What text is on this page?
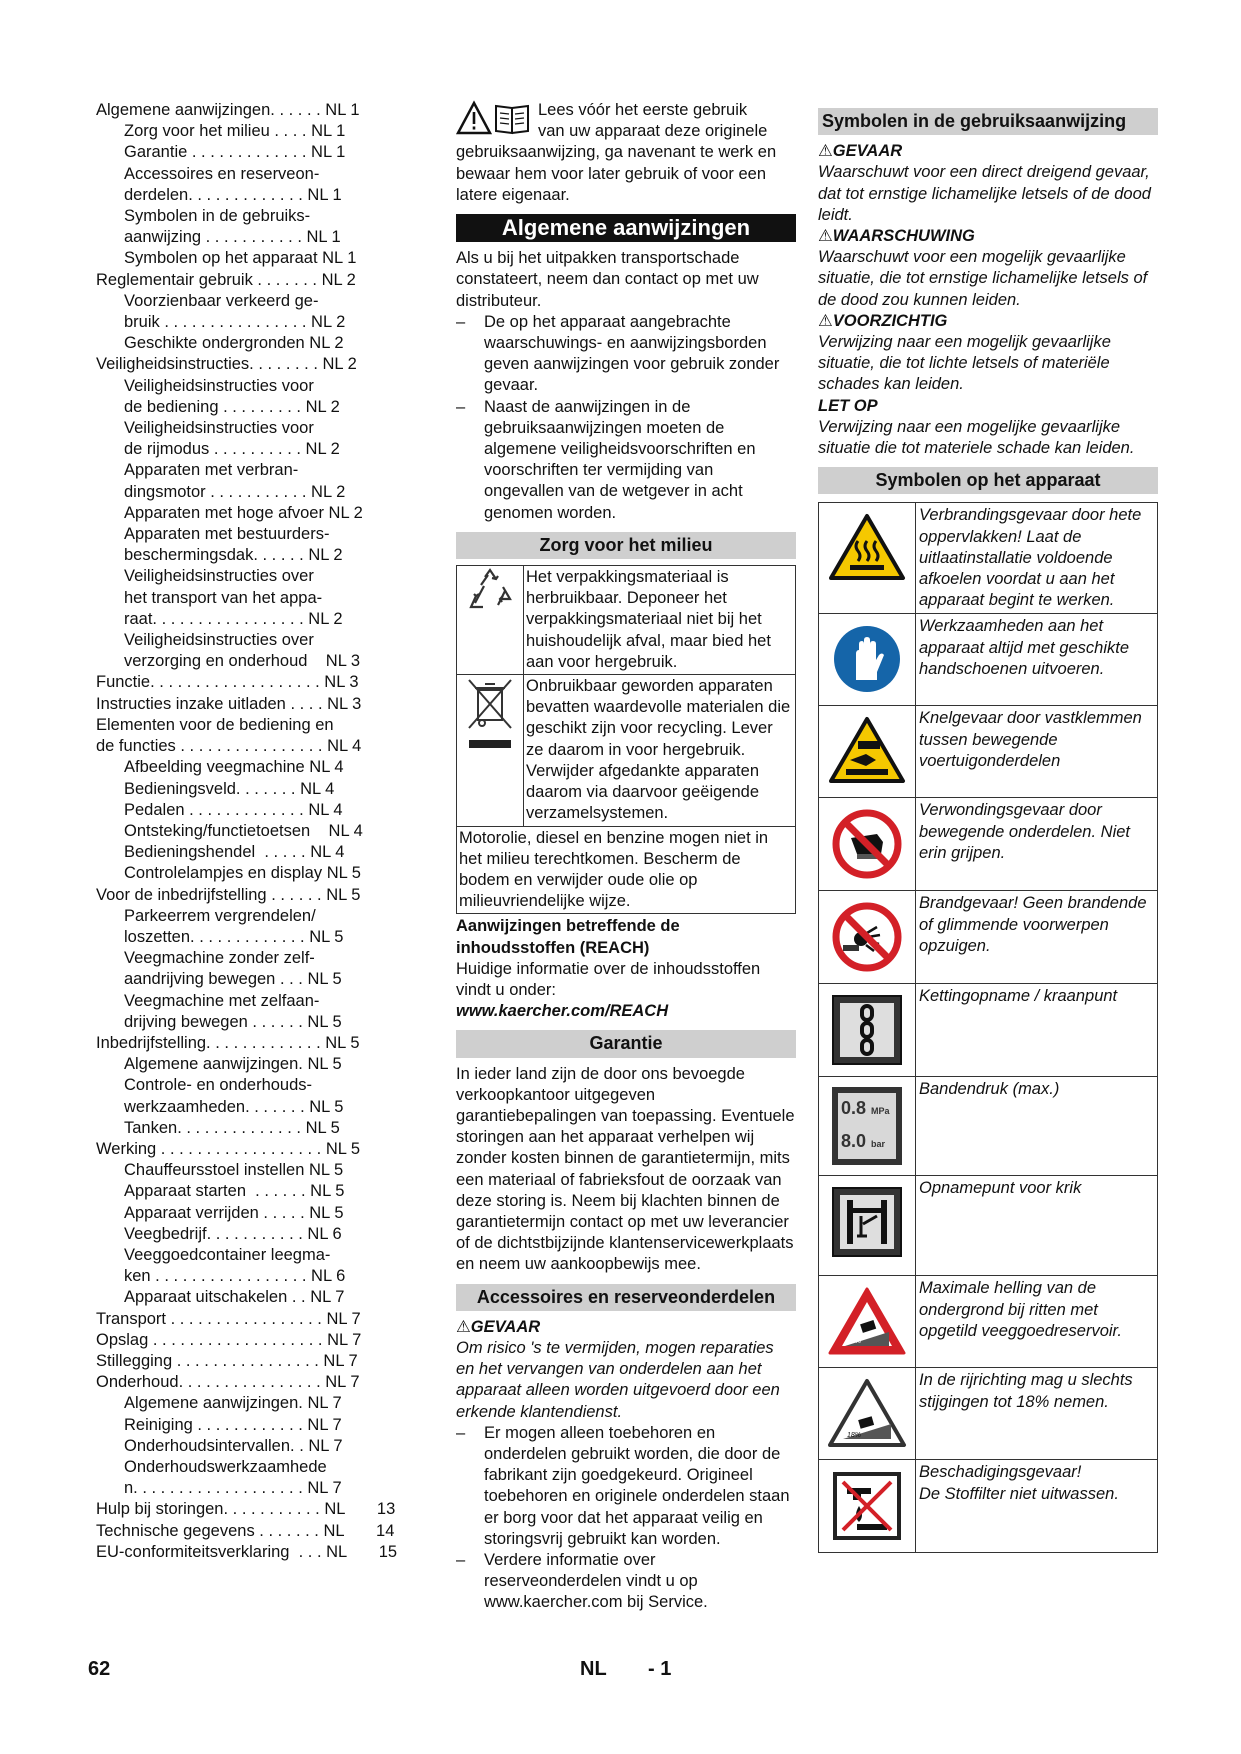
Algemene aanwijzingen. . . . . . NL 1
Zorg voor het milieu . . . . NL 1
Garantie . . . . . . . . . . . . . NL 1
Accessoires en reserveon-
derdelen. . . . . . . . . . . . . NL 1
Symbolen in de gebruiks-
aanwijzing . . . . . . . . . . . NL 1
Symbolen op het apparaat NL 1
Reglementair gebruik . . . . . . . NL 2
Voorzienbaar verkeerd ge-
bruik . . . . . . . . . . . . . . . . NL 2
Geschikte ondergronden NL 2
Veiligheidsinstructies. . . . . . . . NL 2
Veiligheidsinstructies voor
de bediening . . . . . . . . . NL 2
Veiligheidsinstructies voor
de rijmodus . . . . . . . . . . NL 2
Apparaten met verbran-
dingsmotor . . . . . . . . . . . NL 2
Apparaten met hoge afvoer NL 2
Apparaten met bestuurders-
beschermingsdak. . . . . . NL 2
Veiligheidsinstructies over
het transport van het appa-
raat. . . . . . . . . . . . . . . . . NL 2
Veiligheidsinstructies over
verzorging en onderhoud    NL 3
Functie. . . . . . . . . . . . . . . . . . . NL 3
Instructies inzake uitladen . . . . NL 3
Elementen voor de bediening en
de functies . . . . . . . . . . . . . . . . NL 4
Afbeelding veegmachine NL 4
Bedieningsveld. . . . . . . NL 4
Pedalen . . . . . . . . . . . . . NL 4
Ontsteking/functietoetsen    NL 4
Bedieningshendel  . . . . . NL 4
Controlelampjes en display NL 5
Voor de inbedrijfstelling . . . . . . NL 5
Parkeerrem vergrendelen/
loszetten. . . . . . . . . . . . . NL 5
Veegmachine zonder zelf-
aandrijving bewegen . . . NL 5
Veegmachine met zelfaan-
drijving bewegen . . . . . . NL 5
Inbedrijfstelling. . . . . . . . . . . . . NL 5
Algemene aanwijzingen. NL 5
Controle- en onderhouds-
werkzaamheden. . . . . . . NL 5
Tanken. . . . . . . . . . . . . . NL 5
Werking . . . . . . . . . . . . . . . . . . NL 5
Chauffeursstoel instellen NL 5
Apparaat starten  . . . . . . NL 5
Apparaat verrijden . . . . . NL 5
Veegbedrijf. . . . . . . . . . . NL 6
Veeggoedcontainer leegma-
ken . . . . . . . . . . . . . . . . . NL 6
Apparaat uitschakelen . . NL 7
Transport . . . . . . . . . . . . . . . . . NL 7
Opslag . . . . . . . . . . . . . . . . . . . NL 7
Stillegging . . . . . . . . . . . . . . . . NL 7
Onderhoud. . . . . . . . . . . . . . . . NL 7
Algemene aanwijzingen. NL 7
Reiniging . . . . . . . . . . . . NL 7
Onderhoudsintervallen. . NL 7
Onderhoudswerkzaamhede
n. . . . . . . . . . . . . . . . . . . NL 7
Hulp bij storingen. . . . . . . . . . . NL       13
Technische gegevens . . . . . . . NL       14
EU-conformiteitsverklaring  . . . NL       15

Lees vóór het eerste gebruik

van uw apparaat deze originele

gebruiksaanwijzing, ga navenant te werk en bewaar hem voor later gebruik of voor een latere eigenaar.

Algemene aanwijzingen

Als u bij het uitpakken transportschade constateert, neem dan contact op met uw distributeur.

–	De op het apparaat aangebrachte waarschuwings- en aanwijzingsborden geven aanwijzingen voor gebruik zonder gevaar.
–	Naast de aanwijzingen in de gebruiksaanwijzingen moeten de algemene veiligheidsvoorschriften en voorschriften ter vermijding van ongevallen van de wetgever in acht genomen worden.
Zorg voor het milieu
	Het verpakkingsmateriaal is herbruikbaar. Deponeer het verpakkingsmateriaal niet bij het huishoudelijk afval, maar bied het aan voor hergebruik.

	Onbruikbaar geworden apparaten bevatten waardevolle materialen die geschikt zijn voor recycling. Lever ze daarom in voor hergebruik. Verwijder afgedankte apparaten daarom via daarvoor geëigende verzamelsystemen.
Motorolie, diesel en benzine mogen niet in het milieu terechtkomen. Bescherm de bodem en verwijder oude olie op milieuvriendelijke wijze.	

Aanwijzingen betreffende de inhoudsstoffen (REACH)

Huidige informatie over de inhoudsstoffen vindt u onder:

www.kaercher.com/REACH

Garantie

In ieder land zijn de door ons bevoegde verkoopkantoor uitgegeven garantiebepalingen van toepassing. Eventuele storingen aan het apparaat verhelpen wij zonder kosten binnen de garantietermijn, mits een materiaal of fabrieksfout de oorzaak van deze storing is. Neem bij klachten binnen de garantietermijn contact op met uw leverancier of de dichtstbijzijnde klantenservicewerkplaats en neem uw aankoopbewijs mee.

Accessoires en reserveonderdelen

⚠GEVAAR

Om risico 's te vermijden, mogen reparaties en het vervangen van onderdelen aan het apparaat alleen worden uitgevoerd door een erkende klantendienst.

–	Er mogen alleen toebehoren en onderdelen gebruikt worden, die door de fabrikant zijn goedgekeurd. Origineel toebehoren en originele onderdelen staan er borg voor dat het apparaat veilig en storingsvrij gebruikt kan worden.
–	Verdere informatie over reserveonderdelen vindt u op www.kaercher.com bij Service.
Symbolen in de gebruiksaanwijzing

⚠GEVAAR

Waarschuwt voor een direct dreigend gevaar, dat tot ernstige lichamelijke letsels of de dood leidt.

⚠WAARSCHUWING

Waarschuwt voor een mogelijk gevaarlijke situatie, die tot ernstige lichamelijke letsels of de dood zou kunnen leiden.

⚠VOORZICHTIG

Verwijzing naar een mogelijk gevaarlijke situatie, die tot lichte letsels of materiële schades kan leiden.

LET OP

Verwijzing naar een mogelijke gevaarlijke situatie die tot materiele schade kan leiden.

Symbolen op het apparaat
	Verbrandingsgevaar door hete oppervlakken! Laat de uitlaatinstallatie voldoende afkoelen voordat u aan het apparaat begint te werken.

	Werkzaamheden aan het apparaat altijd met geschikte handschoenen uitvoeren.

	Knelgevaar door vastklemmen tussen bewegende voertuigonderdelen

	Verwondingsgevaar door bewegende onderdelen. Niet erin grijpen.

	Brandgevaar! Geen brandende of glimmende voorwerpen opzuigen.

	Kettingopname / kraanpunt

0.8 MPa
8.0 bar	Bandendruk (max.)

	Opnamepunt voor krik

6%	Maximale helling van de ondergrond bij ritten met opgetild veeggoedreservoir.

18%	In de rijrichting mag u slechts stijgingen tot 18% nemen.

	Beschadigingsgevaar!
De Stoffilter niet uitwassen.
62	NL - 1
